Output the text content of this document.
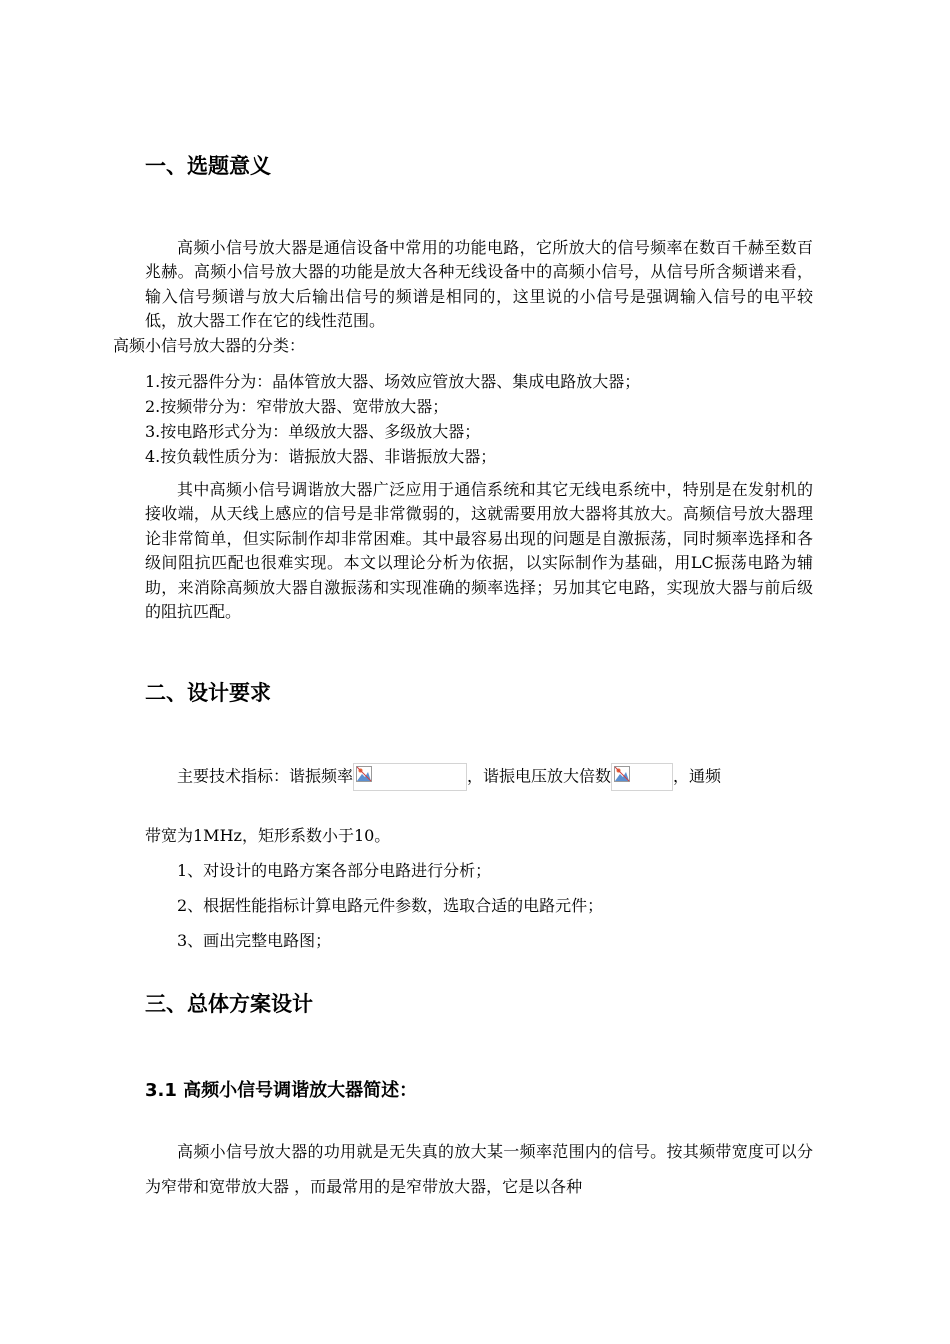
一、选题意义

高频小信号放大器是通信设备中常用的功能电路，它所放大的信号频率在数百千赫至数百兆赫。高频小信号放大器的功能是放大各种无线设备中的高频小信号，从信号所含频谱来看，输入信号频谱与放大后输出信号的频谱是相同的，这里说的小信号是强调输入信号的电平较低，放大器工作在它的线性范围。
高频小信号放大器的分类：

1.按元器件分为：晶体管放大器、场效应管放大器、集成电路放大器；

2.按频带分为：窄带放大器、宽带放大器；

3.按电路形式分为：单级放大器、多级放大器；

4.按负载性质分为：谐振放大器、非谐振放大器；

其中高频小信号调谐放大器广泛应用于通信系统和其它无线电系统中，特别是在发射机的接收端，从天线上感应的信号是非常微弱的，这就需要用放大器将其放大。高频信号放大器理论非常简单，但实际制作却非常困难。其中最容易出现的问题是自激振荡，同时频率选择和各级间阻抗匹配也很难实现。本文以理论分析为依据，以实际制作为基础，用LC振荡电路为辅助，来消除高频放大器自激振荡和实现准确的频率选择；另加其它电路，实现放大器与前后级的阻抗匹配。

二、设计要求
主要技术指标：谐振频率	，谐振电压放大倍数	，通频

带宽为1MHz，矩形系数小于10。

1、对设计的电路方案各部分电路进行分析；

2、根据性能指标计算电路元件参数，选取合适的电路元件；

3、画出完整电路图；

三、总体方案设计
3.1 高频小信号调谐放大器简述：

高频小信号放大器的功用就是无失真的放大某一频率范围内的信号。按其频带宽度可以分为窄带和宽带放大器 ，而最常用的是窄带放大器，它是以各种
